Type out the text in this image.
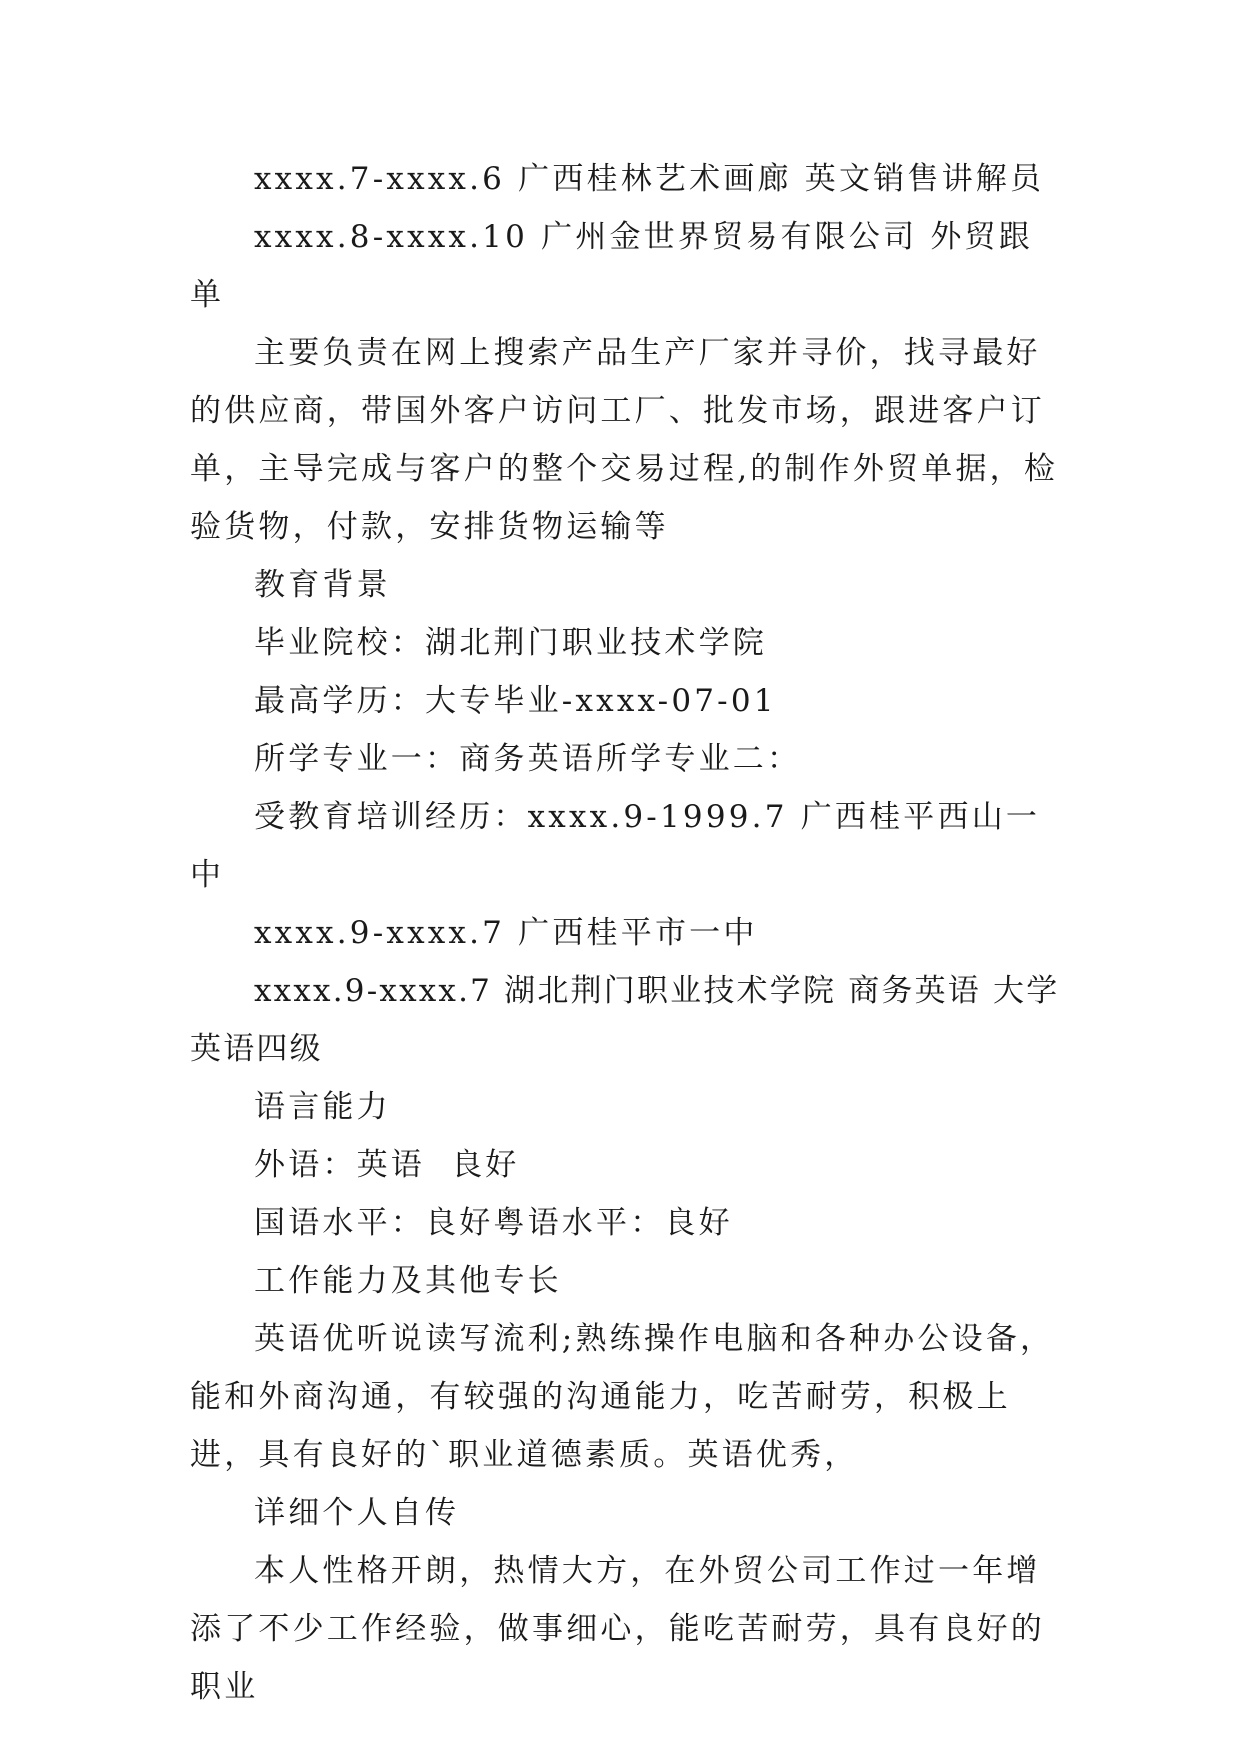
xxxx.7-xxxx.6 广西桂林艺术画廊 英文销售讲解员

xxxx.8-xxxx.10 广州金世界贸易有限公司 外贸跟单

主要负责在网上搜索产品生产厂家并寻价，找寻最好的供应商，带国外客户访问工厂、批发市场，跟进客户订单，主导完成与客户的整个交易过程,的制作外贸单据，检验货物，付款，安排货物运输等

教育背景

毕业院校：湖北荆门职业技术学院

最高学历：大专毕业-xxxx-07-01

所学专业一：商务英语所学专业二：

受教育培训经历：xxxx.9-1999.7 广西桂平西山一中

xxxx.9-xxxx.7 广西桂平市一中

xxxx.9-xxxx.7 湖北荆门职业技术学院 商务英语 大学英语四级

语言能力

外语：英语  良好

国语水平：良好粤语水平：良好

工作能力及其他专长

英语优听说读写流利;熟练操作电脑和各种办公设备，能和外商沟通，有较强的沟通能力，吃苦耐劳，积极上进，具有良好的`职业道德素质。英语优秀，

详细个人自传

本人性格开朗，热情大方，在外贸公司工作过一年增添了不少工作经验，做事细心，能吃苦耐劳，具有良好的职业
